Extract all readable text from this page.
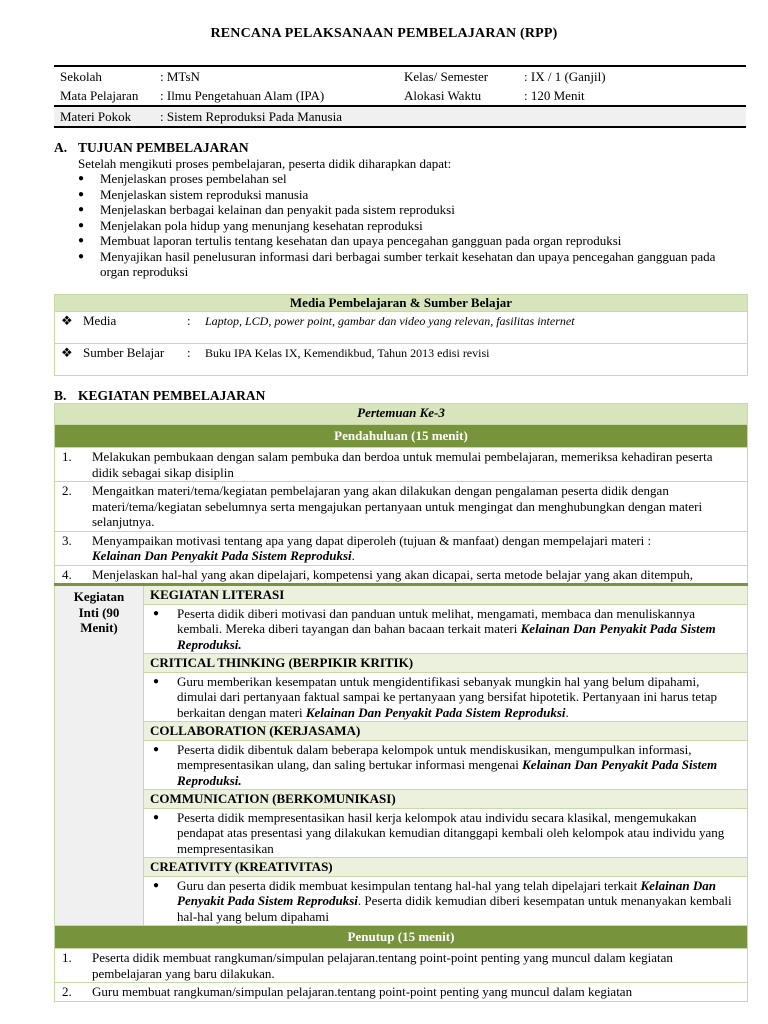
RENCANA PELAKSANAAN PEMBELAJARAN (RPP)
Sekolah	: MTsN	Kelas/ Semester	: IX / 1 (Ganjil)
Mata Pelajaran	: Ilmu Pengetahuan Alam (IPA)	Alokasi Waktu	: 120 Menit
Materi Pokok	: Sistem Reproduksi Pada Manusia		
A. TUJUAN PEMBELAJARAN
Setelah mengikuti proses pembelajaran, peserta didik diharapkan dapat:
● Menjelaskan proses pembelahan sel
● Menjelaskan sistem reproduksi manusia
● Menjelaskan berbagai kelainan dan penyakit pada sistem reproduksi
● Menjelakan pola hidup yang menunjang kesehatan reproduksi
● Membuat laporan tertulis tentang kesehatan dan upaya pencegahan gangguan pada organ reproduksi
● Menyajikan hasil penelusuran informasi dari berbagai sumber terkait kesehatan dan upaya pencegahan gangguan pada organ reproduksi
Media Pembelajaran & Sumber Belajar
❖ Media	:	Laptop, LCD, power point, gambar dan video yang relevan, fasilitas internet
❖ Sumber Belajar	:	Buku IPA Kelas IX, Kemendikbud, Tahun 2013 edisi revisi
B. KEGIATAN PEMBELAJARAN
Pertemuan Ke-3
Pendahuluan (15 menit)

1.	Melakukan pembukaan dengan salam pembuka dan berdoa untuk memulai pembelajaran, memeriksa kehadiran peserta didik sebagai sikap disiplin

2.	Mengaitkan materi/tema/kegiatan pembelajaran yang akan dilakukan dengan pengalaman peserta didik dengan materi/tema/kegiatan sebelumnya serta mengajukan pertanyaan untuk mengingat dan menghubungkan dengan materi selanjutnya.

3.	Menyampaikan motivasi tentang apa yang dapat diperoleh (tujuan & manfaat) dengan mempelajari materi :
Kelainan Dan Penyakit Pada Sistem Reproduksi.

4.	Menjelaskan hal-hal yang akan dipelajari, kompetensi yang akan dicapai, serta metode belajar yang akan ditempuh,

Kegiatan Inti (90 Menit)
	KEGIATAN LITERASI

●	Peserta didik diberi motivasi dan panduan untuk melihat, mengamati, membaca dan menuliskannya kembali. Mereka diberi tayangan dan bahan bacaan terkait materi Kelainan Dan Penyakit Pada Sistem Reproduksi.

CRITICAL THINKING (BERPIKIR KRITIK)

●	Guru memberikan kesempatan untuk mengidentifikasi sebanyak mungkin hal yang belum dipahami, dimulai dari pertanyaan faktual sampai ke pertanyaan yang bersifat hipotetik. Pertanyaan ini harus tetap berkaitan dengan materi Kelainan Dan Penyakit Pada Sistem Reproduksi.

COLLABORATION (KERJASAMA)

●	Peserta didik dibentuk dalam beberapa kelompok untuk mendiskusikan, mengumpulkan informasi, mempresentasikan ulang, dan saling bertukar informasi mengenai Kelainan Dan Penyakit Pada Sistem Reproduksi.

COMMUNICATION (BERKOMUNIKASI)

●	Peserta didik mempresentasikan hasil kerja kelompok atau individu secara klasikal, mengemukakan pendapat atas presentasi yang dilakukan kemudian ditanggapi kembali oleh kelompok atau individu yang mempresentasikan

CREATIVITY (KREATIVITAS)

●	Guru dan peserta didik membuat kesimpulan tentang hal-hal yang telah dipelajari terkait Kelainan Dan Penyakit Pada Sistem Reproduksi. Peserta didik kemudian diberi kesempatan untuk menanyakan kembali hal-hal yang belum dipahami

Penutup (15 menit)

1.	Peserta didik membuat rangkuman/simpulan pelajaran.tentang point-point penting yang muncul dalam kegiatan pembelajaran yang baru dilakukan.

2.	Guru membuat rangkuman/simpulan pelajaran.tentang point-point penting yang muncul dalam kegiatan
